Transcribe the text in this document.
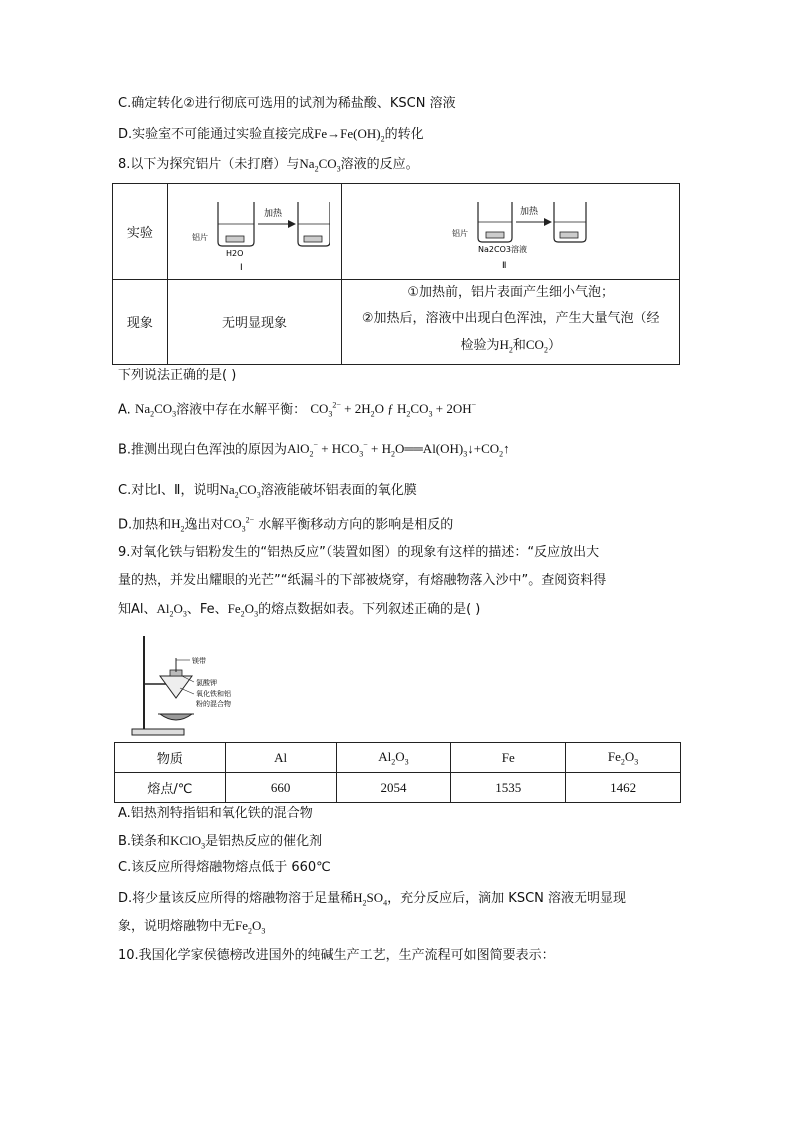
C.确定转化②进行彻底可选用的试剂为稀盐酸、KSCN 溶液
D.实验室不可能通过实验直接完成$Fe\to Fe(OH)_2$的转化
8.以下为探究铝片（未打磨）与$Na_2CO_3$溶液的反应。
实验	加热
铝片
H2O
Ⅰ	加热
铝片
Na2CO3溶液
Ⅱ

现象	无明显现象	①加热前，铝片表面产生细小气泡；
②加热后，溶液中出现白色浑浊，产生大量气泡（经
检验为$H_2$和$CO_2$）
下列说法正确的是( )
A. $Na_2CO_3$溶液中存在水解平衡： $CO_3^{2-} + 2H_2O$ ƒ $H_2CO_3 + 2OH^-$
B.推测出现白色浑浊的原因为$AlO_2^- + HCO_3^-$ + $H_2O══Al(OH)_3↓+CO_2↑$
C.对比Ⅰ、Ⅱ，说明$Na_2CO_3$溶液能破坏铝表面的氧化膜
D.加热和$H_2$逸出对$CO_3^{2-}$ 水解平衡移动方向的影响是相反的
9.对氧化铁与铝粉发生的“铝热反应”（装置如图）的现象有这样的描述：“反应放出大
量的热，并发出耀眼的光芒”“纸漏斗的下部被烧穿，有熔融物落入沙中”。查阅资料得
知Al、$Al_2O_3$、Fe、$Fe_2O_3$的熔点数据如表。下列叙述正确的是( )
镁带
氯酸钾
氧化铁和铝
粉的混合物
物质	Al	$Al_2O_3$	Fe	$Fe_2O_3$
熔点/℃	660	2054	1535	1462
A.铝热剂特指铝和氧化铁的混合物
B.镁条和KClO$_3$是铝热反应的催化剂
C.该反应所得熔融物熔点低于 660℃
D.将少量该反应所得的熔融物溶于足量稀$H_2SO_4$，充分反应后，滴加 KSCN 溶液无明显现
象，说明熔融物中无$Fe_2O_3$
10.我国化学家侯德榜改进国外的纯碱生产工艺，生产流程可如图简要表示：
